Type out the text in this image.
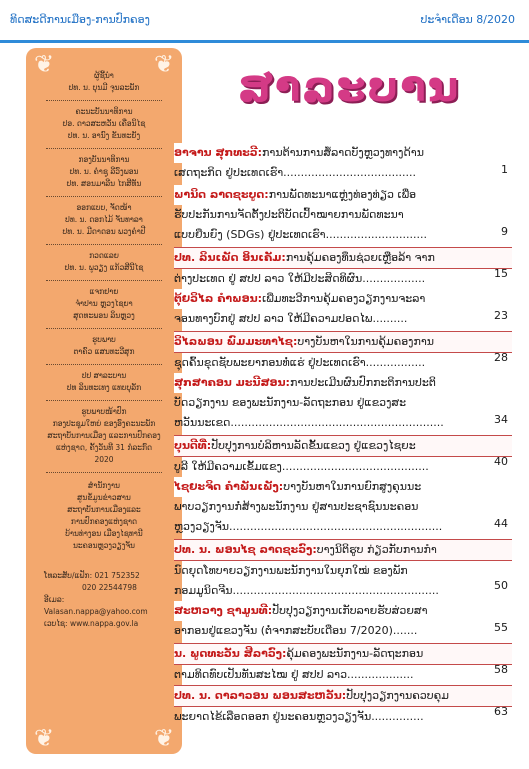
ທິດສະດີການເມືອງ-ການປົກຄອງ	ປະຈຳເດືອນ 8/2020
❦	❦
❦	❦
ຜູ້ຊີ້ນຳ
ປທ. ນ. ບຸນມີ ຈຸນລະພັກ
ຄະນະບັນນາທິການ
ປອ. ດາວສະຫວັນ ເຄືອນິໄຊ
ປທ. ນ. ອານົງ ຂັນທະຍັງ
ກອງບັນນາທິການ
ປທ. ນ. ຄຳຊູ ລີວົງພອນ
ປທ. ສອນມາລີນ ໄກສີທັນ
ອອກແບບ, ຈັດໜ້າ
ປທ. ນ. ດອກໄມ້ ຈັນທາລາ
ປທ. ນ. ມີດາດອນ ພວງຄຳປີ
ກວດແລຍ
ປທ. ນ. ພູວຽງ ແກ້ວສີນີໄຊ
ແຈກຢາຍ
ຈຳປານ ຫຼວງໄຊຍາ
ສຸດທະພອນ ລິນຫຼວງ
ຮູບພາບ
ຕາຄົວ ແສນທະວີສຸກ
ປປ ສາລະບານ
ປທ ລິນທະເທງ ແທບບຸລັກ
ຮູບພາບໜ້າປົກ
ກອງປະຊຸມໃຫຍ່ ຂອງອົງຄະນະພັກ
ສະຖາບັນການເມືອງ ແລະການປົກຄອງ
ແຫ່ງຊາດ, ຄັ້ງວັນທີ 31 ກໍລະກົດ
2020
ສຳນັກງານ
ສູນຂໍ້ມູນຂ່າວສານ
ສະຖາບັນການເມືອງແລະ
ການປົກຄອງແຫ່ງຊາດ
ບ້ານທ່າງອນ ເມືອງໄຊທານີ
ນະຄອນຫຼວງວຽງຈັນ
ໂທລະສັບ/ແຟັກ: 021 752352
020 22544798
ອີເມລ:
Valasan.nappa@yahoo.com
ເວບໄຊ: www.nappa.gov.la
ສາລະບານ
ອາຈານ ສຸກທະວີ:ການຕ້ານການສໍ້ລາດບັງຫຼວງທາງດ້ານ
ເສດຖະກິດ ຢູ່ປະເທດເຮົາ......................................	1
ພານິດ ລາດຊະບູດ:ການພັດທະນາແຫຼ່ງທ່ອງທ່ຽວ ເພື່ອ
ຮັບປະກັນການຈັດຕັ້ງປະຕິບັດເປົ້າໝາຍການພັດທະນາ
ແບບຍືນຍົງ (SDGs) ຢູ່ປະເທດເຮົາ.............................	9
ປທ. ລິນເພັດ ອິນເຄັມ:ການຄຸ້ມຄອງທຶນຊ່ວຍເຫຼືອລ້າ ຈາກ
ຕ່າງປະເທດ ຢູ່ ສປປ ລາວ ໃຫ້ມີປະສິດທິຜົນ..................	15
ຕຸ້ຍວິໄລ ຄຳພອນ:ເພີ່ມທະວີການຄຸ້ມຄອງວຽກງານຈະລາ
ຈອນທາງບົກຢູ່ ສປປ ລາວ ໃຫ້ມີຄວາມປອດໄພ..........	23
ວິໄລພອນ ພົມມະທາໄຊ:ບາງບັນຫາໃນການຄຸ້ມຄອງການ
ຊຸດຄົ້ນຂຸດຊັບພະຍາກອນທໍ່ແຮ່ ຢູ່ປະເທດເຮົາ.................	28
ສຸກສາຄອນ ມະນີສອນ:ການປະເມີນຜົນປົກກະຕິການປະຕິ
ບັດວຽກງານ ຂອງພະນັກງານ-ລັດຖະກອນ ຢູ່ແຂວງສະ
ຫວັນນະເຂດ.............................................................	34
ບຸນດີທີ່:ປັບປຸງການບໍລິຫານລັດຂັ້ນແຂວງ ຢູ່ແຂວງໄຊຍະ
ບູລີ ໃຫ້ມີຄວາມເຂັ້ມແຂງ..........................................	40
ໄຊຍະຈິດ ຄຳພັນເພັງ:ບາງບັນຫາໃນການຍົກສູງຄຸນນະ
ພາບວຽກງານກໍ່ສ້າງພະນັກງານ ຢູ່ສານປະຊາຊົນນະຄອນ
ຫຼວງວຽງຈັນ.............................................................	44
ປທ. ນ. ພອນໄຊ ລາດຊະວົງ:ບາງນິຕິຮູບ ກ່ຽວກັບການກຳ
ນົດຍຸດໂທບາຍວຽກງານພະນັກງານໃນຍຸກໃໝ່ ຂອງພັກ
ກອມມູນິດຈີນ...........................................................	50
ສະຫວາງ ຊາມູນທີ:ປັບປຸງວຽກງານເກັບລາຍຮັບສ່ວຍສາ
ອາກອນຢູ່ແຂວງຈັນ (ຕໍ່ຈາກສະບັບເດືອນ 7/2020).......	55
ນ. ພູດທະວັນ ສີລາວົງ:ຄຸ້ມຄອງພະນັກງານ-ລັດຖະກອນ
ຕາມທິດທົບເປັນທັນສະໄໝ ຢູ່ ສປປ ລາວ...................	58
ປທ. ນ. ດາລາວອນ ພອນສະຫວັນ:ປັບປຸງວຽກງານຄວບຄຸມ
ພະຍາດໄຂ້ເລືອດອອກ ຢູ່ນະຄອນຫຼວງວຽງຈັນ...............	63
